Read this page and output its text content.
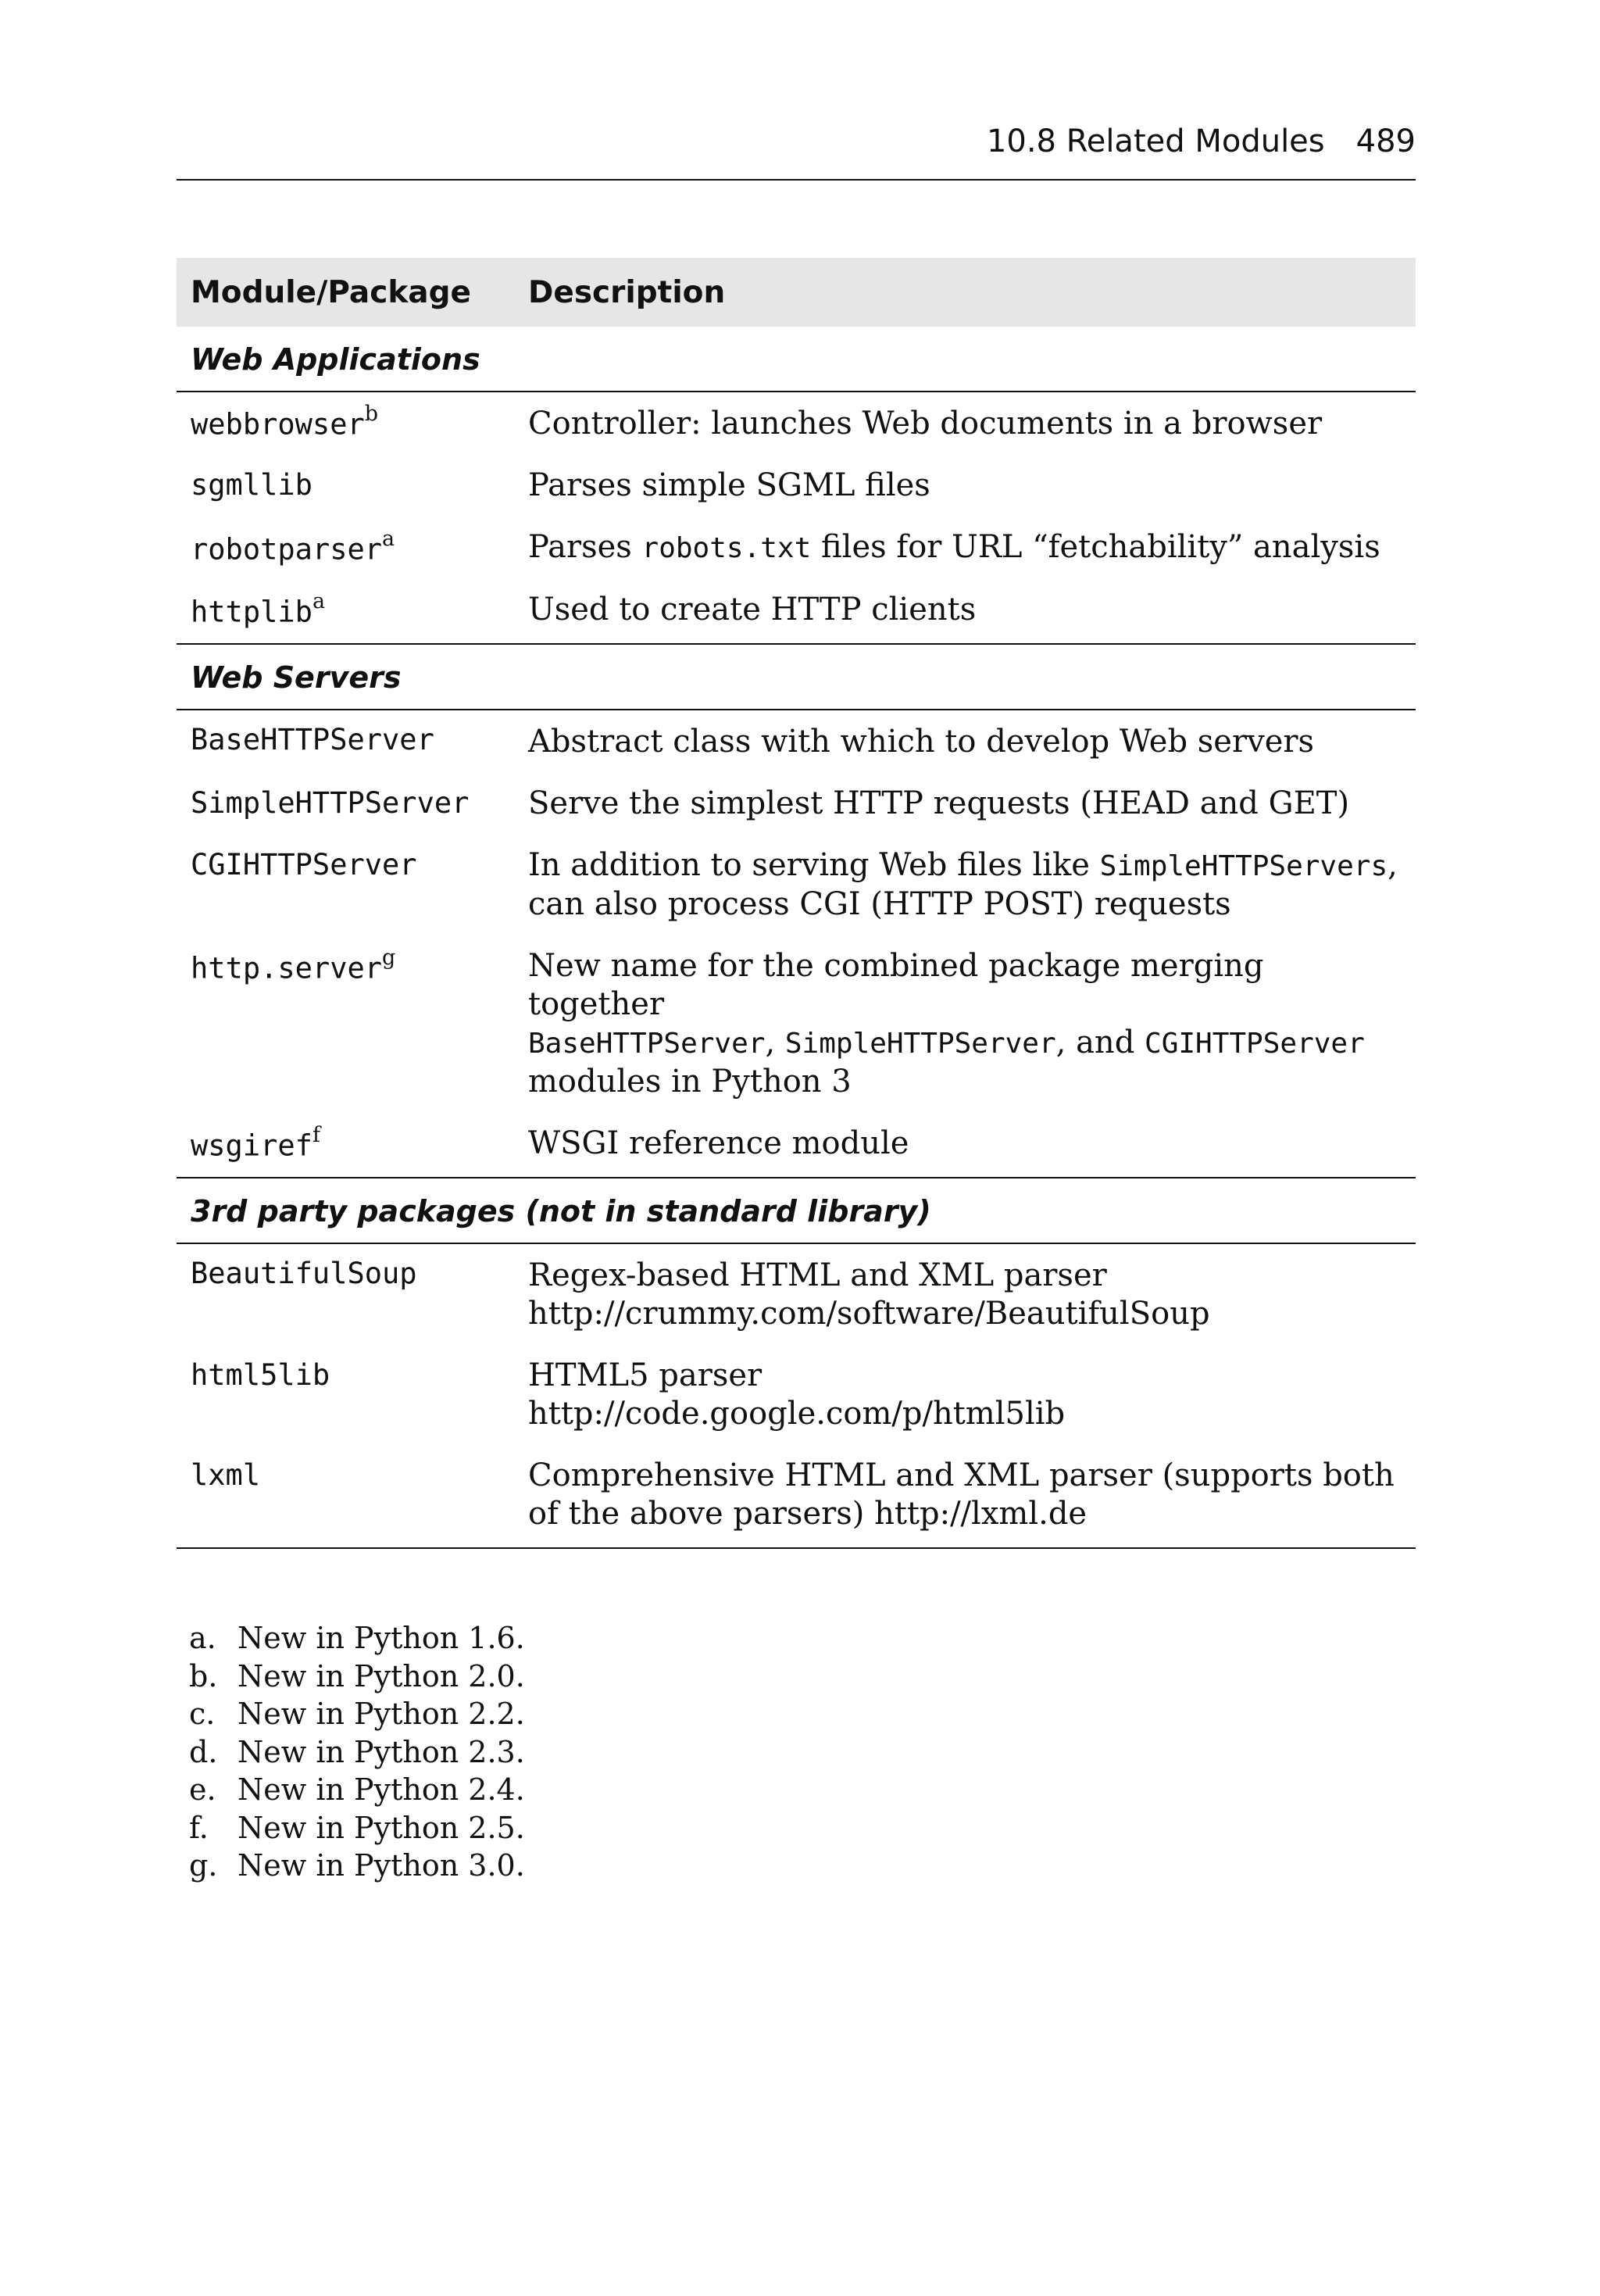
10.8 Related Modules 489
Module/Package	Description
Web Applications	
webbrowser$^b$	Controller: launches Web documents in a browser
sgmllib	Parses simple SGML files
robotparser$^a$	Parses robots.txt files for URL “fetchability” analysis
httplib$^a$	Used to create HTTP clients
Web Servers	
BaseHTTPServer	Abstract class with which to develop Web servers
SimpleHTTPServer	Serve the simplest HTTP requests (HEAD and GET)
CGIHTTPServer	In addition to serving Web files like SimpleHTTPServers,
can also process CGI (HTTP POST) requests
http.server$^g$	New name for the combined package merging together
BaseHTTPServer, SimpleHTTPServer, and CGIHTTPServer
modules in Python 3
wsgiref$^f$	WSGI reference module
3rd party packages (not in standard library)	
BeautifulSoup	Regex-based HTML and XML parser
http://crummy.com/software/BeautifulSoup
html5lib	HTML5 parser
http://code.google.com/p/html5lib
lxml	Comprehensive HTML and XML parser (supports both
of the above parsers) http://lxml.de
a. New in Python 1.6.
b. New in Python 2.0.
c. New in Python 2.2.
d. New in Python 2.3.
e. New in Python 2.4.
f. New in Python 2.5.
g. New in Python 3.0.
